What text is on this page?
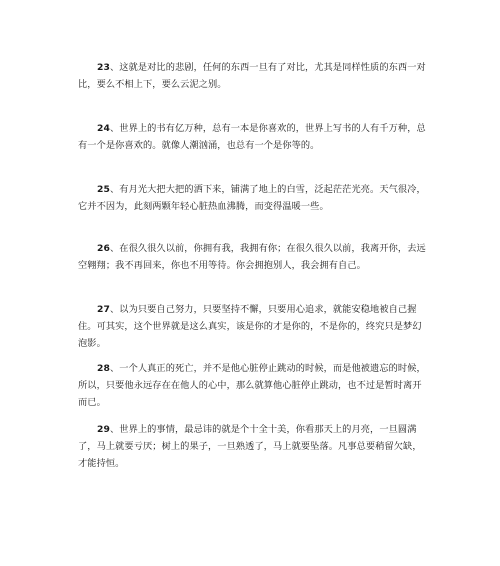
23、这就是对比的悲剧，任何的东西一旦有了对比，尤其是同样性质的东西一对比，要么不相上下，要么云泥之别。

24、世界上的书有亿万种，总有一本是你喜欢的，世界上写书的人有千万种，总有一个是你喜欢的。就像人潮汹涌，也总有一个是你等的。

25、有月光大把大把的洒下来，铺满了地上的白雪，泛起茫茫光亮。天气很冷，它并不因为，此刻两颗年轻心脏热血沸腾，而变得温暖一些。

26、在很久很久以前，你拥有我，我拥有你；在很久很久以前，我离开你，去远空翱翔；我不再回来，你也不用等待。你会拥抱别人，我会拥有自己。

27、以为只要自己努力，只要坚持不懈，只要用心追求，就能安稳地被自己握住。可其实，这个世界就是这么真实，该是你的才是你的，不是你的，终究只是梦幻泡影。

28、一个人真正的死亡，并不是他心脏停止跳动的时候，而是他被遗忘的时候，所以，只要他永远存在在他人的心中，那么就算他心脏停止跳动，也不过是暂时离开而已。

29、世界上的事情，最忌讳的就是个十全十美，你看那天上的月亮，一旦圆满了，马上就要亏厌；树上的果子，一旦熟透了，马上就要坠落。凡事总要稍留欠缺，才能持恒。
